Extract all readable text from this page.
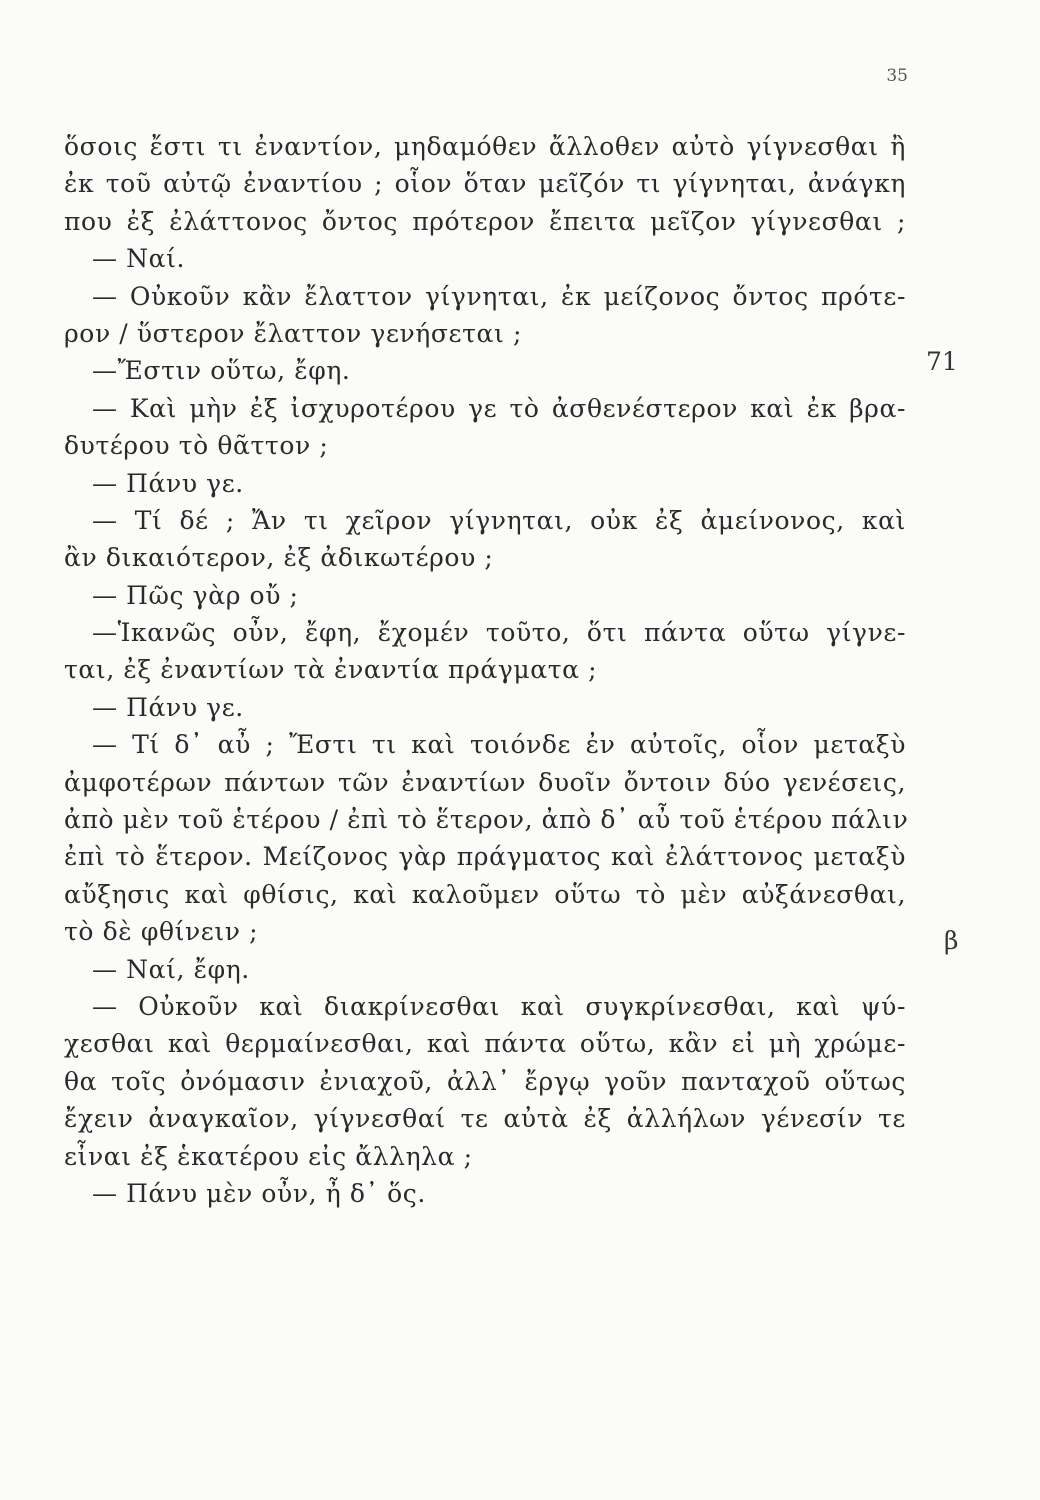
35
ὅσοις ἔστι τι ἐναντίον, μηδαμόθεν ἄλλοθεν αὐτὸ γίγνεσθαι ἢ
ἐκ τοῦ αὐτῷ ἐναντίου ; οἷον ὅταν μεῖζόν τι γίγνηται, ἀνάγκη
που ἐξ ἐλάττονος ὄντος πρότερον ἔπειτα μεῖζον γίγνεσθαι ;
— Ναί.
— Οὐκοῦν κἂν ἔλαττον γίγνηται, ἐκ μείζονος ὄντος πρότε-
ρον / ὕστερον ἔλαττον γενήσεται ;
—Ἔστιν οὕτω, ἔφη.
— Καὶ μὴν ἐξ ἰσχυροτέρου γε τὸ ἀσθενέστερον καὶ ἐκ βρα-
δυτέρου τὸ θᾶττον ;
— Πάνυ γε.
— Τί δέ ; Ἄν τι χεῖρον γίγνηται, οὐκ ἐξ ἀμείνονος, καὶ
ἂν δικαιότερον, ἐξ ἀδικωτέρου ;
— Πῶς γὰρ οὔ ;
—Ἱκανῶς οὖν, ἔφη, ἔχομέν τοῦτο, ὅτι πάντα οὕτω γίγνε-
ται, ἐξ ἐναντίων τὰ ἐναντία πράγματα ;
— Πάνυ γε.
— Τί δ᾽ αὖ ; Ἔστι τι καὶ τοιόνδε ἐν αὐτοῖς, οἷον μεταξὺ
ἀμφοτέρων πάντων τῶν ἐναντίων δυοῖν ὄντοιν δύο γενέσεις,
ἀπὸ μὲν τοῦ ἑτέρου / ἐπὶ τὸ ἕτερον, ἀπὸ δ᾽ αὖ τοῦ ἑτέρου πάλιν
ἐπὶ τὸ ἕτερον. Μείζονος γὰρ πράγματος καὶ ἐλάττονος μεταξὺ
αὔξησις καὶ φθίσις, καὶ καλοῦμεν οὕτω τὸ μὲν αὐξάνεσθαι,
τὸ δὲ φθίνειν ;
— Ναί, ἔφη.
— Οὐκοῦν καὶ διακρίνεσθαι καὶ συγκρίνεσθαι, καὶ ψύ-
χεσθαι καὶ θερμαίνεσθαι, καὶ πάντα οὕτω, κἂν εἰ μὴ χρώμε-
θα τοῖς ὀνόμασιν ἐνιαχοῦ, ἀλλ᾽ ἔργῳ γοῦν πανταχοῦ οὕτως
ἔχειν ἀναγκαῖον, γίγνεσθαί τε αὐτὰ ἐξ ἀλλήλων γένεσίν τε
εἶναι ἐξ ἑκατέρου εἰς ἄλληλα ;
— Πάνυ μὲν οὖν, ἦ δ᾽ ὅς.
71
β
